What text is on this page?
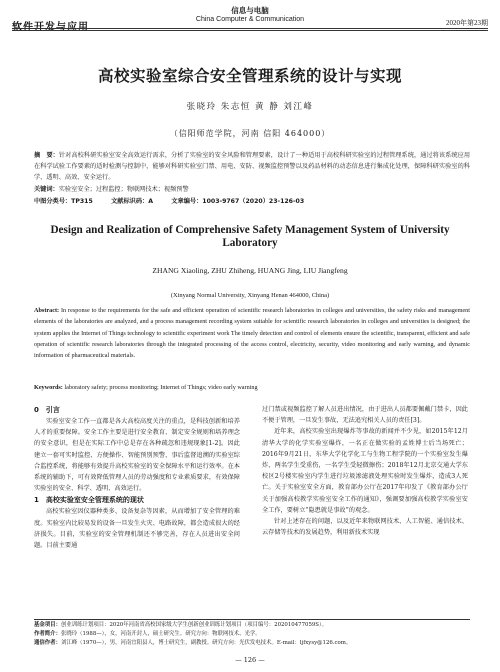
软件开发与应用
信息与电脑
China Computer & Communication	2020年第23期
高校实验室综合安全管理系统的设计与实现
张晓玲 朱志恒 黄 静 刘江峰
（信阳师范学院，河南 信阳 464000）
摘　要：针对高校科研实验室安全高效运行需求，分析了实验室的安全风险和管理要素，设计了一种适用于高校科研实验室的过程管理系统，通过将该系统应用在科学试验工作要素的适时检测与控制中，能够对科研实验室门禁、用电、安防、视频监控预警以及药品材料的动态信息进行集成化处理，保障科研实验室的科学、透明、高效、安全运行。
关键词：实验室安全；过程监控；物联网技术；视频预警
中图分类号：TP315	文献标识码：A	文章编号：1003-9767（2020）23-126-03
Design and Realization of Comprehensive Safety Management System of University Laboratory
ZHANG Xiaoling, ZHU Zhiheng, HUANG Jing, LIU Jiangfeng
(Xinyang Normal University, Xinyang Henan 464000, China)
Abstract: In response to the requirements for the safe and efficient operation of scientific research laboratories in colleges and universities, the safety risks and management elements of the laboratories are analyzed, and a process management recording system suitable for scientific research laboratories in colleges and universities is designed; the system applies the Internet of Things technology to scientific experiment work The timely detection and control of elements ensure the scientific, transparent, efficient and safe operation of scientific research laboratories through the integrated processing of the access control, electricity, security, video monitoring and early warning, and dynamic information of pharmaceutical materials.
Keywords: laboratory safety; process monitoring; Internet of Things; video early warning

0　引言

实验室安全工作一直都是各大高校高度关注的重点，是科技创新和培养人才的重要保障。安全工作主要是进行安全教育、制定安全规则和培养理念的安全意识，但是在实际工作中总是存在各种疏忽和违规现象[1-2]。因此建立一套可实时监控、方便操作、智能预别预警、事后监督追溯的实验室综合监控系统，将能够有效提升高校实验室的安全保障水平和运行效率。在本系统的辅助下，可有效降低管理人员的劳动强度和专业素质要求，有效保障实验室的安全、科学、透明、高效运行。

1　高校实验室安全管理系统的现状

高校实验室因仪器种类多、设备复杂等因素，从而增加了安全管理的难度。实验室内比较易发的设备一旦发生火灾、电路故障，都会造成很大的经济损失。目前，实验室的安全管理机制还不够完善，存在人员进出安全问题。目前主要通

过门禁或视频监控了解人员进出情况，由于进出人员都要佩戴门禁卡，因此不便于管理，一旦发生事故，无法追究相关人员的责任[3]。

近年来，高校实验室出现爆炸等事故的新闻并不少见，如2015年12月清华大学的化学实验室爆炸，一名正在做实验的孟姓博士后当场死亡；2016年9月21日，东华大学化学化工与生物工程学院的一个实验室发生爆炸，两名学生受重伤，一名学生受轻微擦伤；2018年12月北京交通大学东校区2号楼实验室内学生进行垃圾渗滤液处理实验时发生爆炸，造成3人死亡。关于实验室安全方面，教育部办公厅在2017年印发了《教育部办公厅关于加强高校教学实验室安全工作的通知》，强调要加强高校教学实验室安全工作，要树立“隐患就是事故”的观念。

针对上述存在的问题，以及近年来物联网技术、人工智能、通信技术、云存储等技术的发展趋势，利用新技术实现

基金项目：创业训练计划项目：2020年河南省高校国家级大学生创新创业训练计划项目（项目编号：202010477059S）。
作者简介：张晓玲（1988—），女，河南开封人，硕士研究生。研究方向：物联网技术、光学。
通信作者：刘江峰（1970—），男，河南宜阳县人，博士研究生，副教授。研究方向：光伏发电技术。E-mail：ljfxysy@126.com。
— 126 —
